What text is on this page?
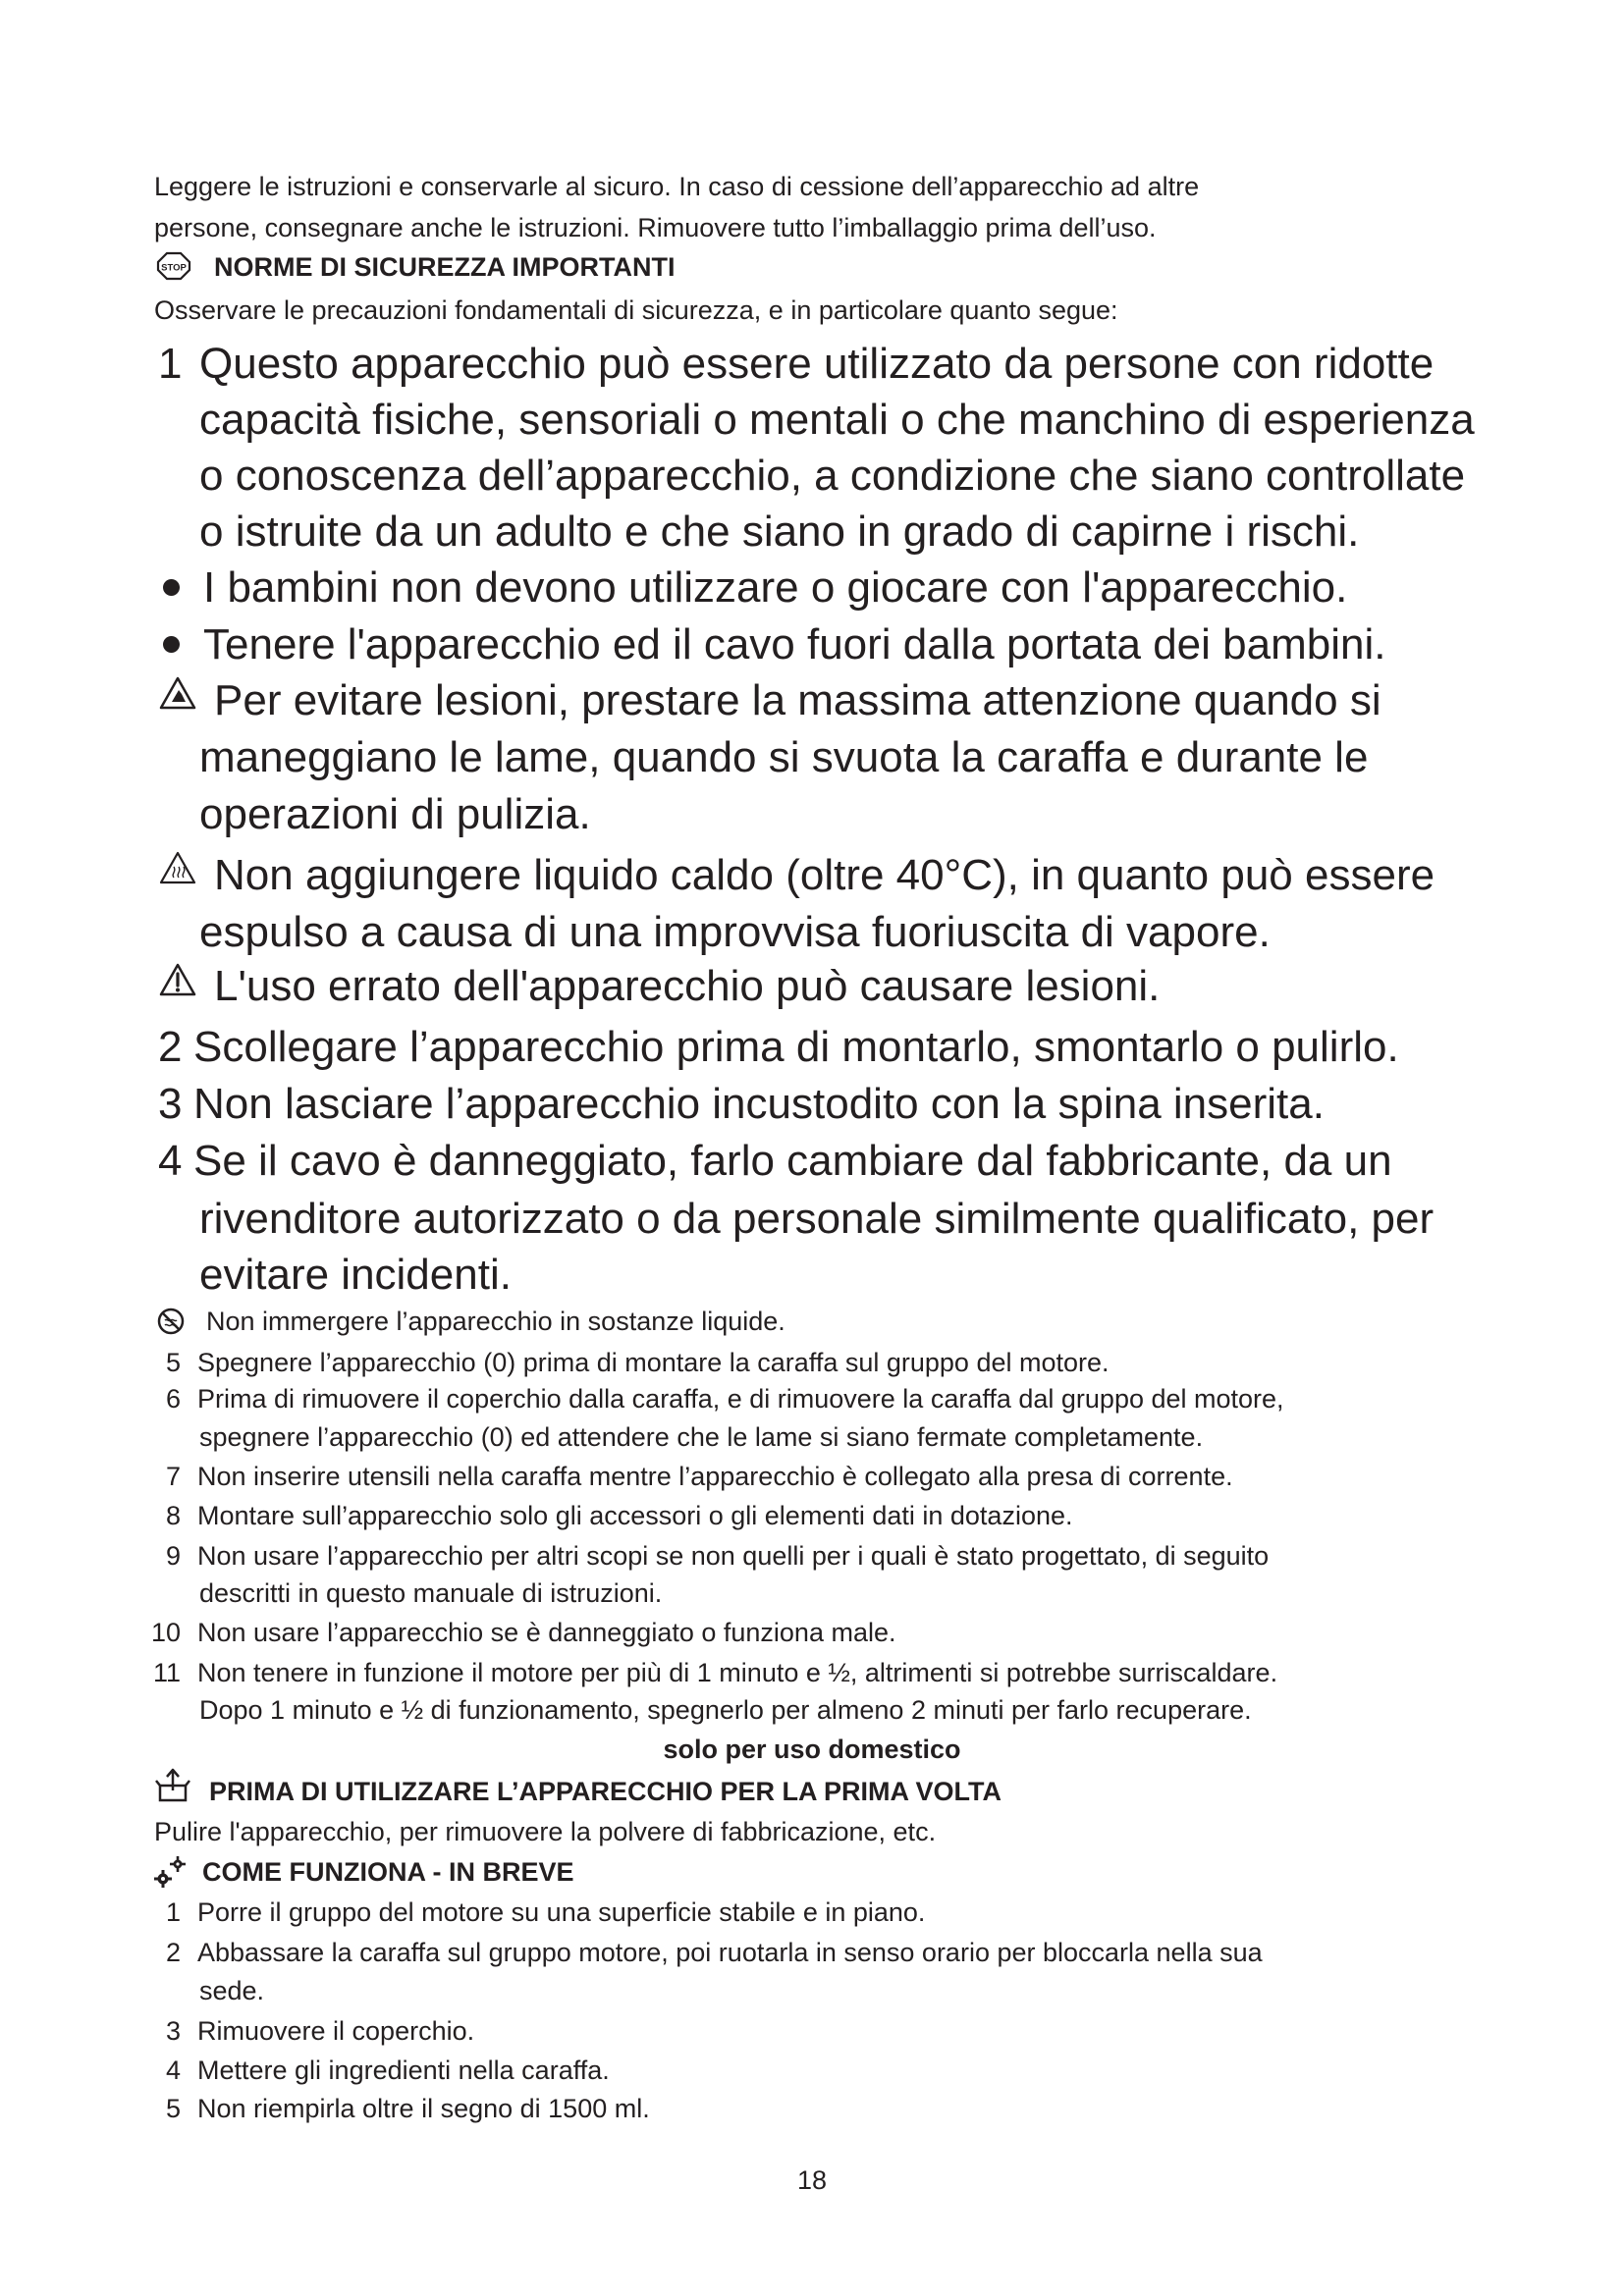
Leggere le istruzioni e conservarle al sicuro. In caso di cessione dell’apparecchio ad altre
persone, consegnare anche le istruzioni. Rimuovere tutto l’imballaggio prima dell’uso.
STOP NORME DI SICUREZZA IMPORTANTI
Osservare le precauzioni fondamentali di sicurezza, e in particolare quanto segue:
1 Questo apparecchio può essere utilizzato da persone con ridotte
capacità fisiche, sensoriali o mentali o che manchino di esperienza
o conoscenza dell’apparecchio, a condizione che siano controllate
o istruite da un adulto e che siano in grado di capirne i rischi.
I bambini non devono utilizzare o giocare con l'apparecchio.
Tenere l'apparecchio ed il cavo fuori dalla portata dei bambini.
Per evitare lesioni, prestare la massima attenzione quando si
maneggiano le lame, quando si svuota la caraffa e durante le
operazioni di pulizia.
Non aggiungere liquido caldo (oltre 40°C), in quanto può essere
espulso a causa di una improvvisa fuoriuscita di vapore.
L'uso errato dell'apparecchio può causare lesioni.
2 Scollegare l’apparecchio prima di montarlo, smontarlo o pulirlo.
3 Non lasciare l’apparecchio incustodito con la spina inserita.
4 Se il cavo è danneggiato, farlo cambiare dal fabbricante, da un
rivenditore autorizzato o da personale similmente qualificato, per
evitare incidenti.
Non immergere l’apparecchio in sostanze liquide.
5 Spegnere l’apparecchio (0) prima di montare la caraffa sul gruppo del motore.
6 Prima di rimuovere il coperchio dalla caraffa, e di rimuovere la caraffa dal gruppo del motore,
spegnere l’apparecchio (0) ed attendere che le lame si siano fermate completamente.
7 Non inserire utensili nella caraffa mentre l’apparecchio è collegato alla presa di corrente.
8 Montare sull’apparecchio solo gli accessori o gli elementi dati in dotazione.
9 Non usare l’apparecchio per altri scopi se non quelli per i quali è stato progettato, di seguito
descritti in questo manuale di istruzioni.
10 Non usare l’apparecchio se è danneggiato o funziona male.
11 Non tenere in funzione il motore per più di 1 minuto e ½, altrimenti si potrebbe surriscaldare.
Dopo 1 minuto e ½ di funzionamento, spegnerlo per almeno 2 minuti per farlo recuperare.
solo per uso domestico
PRIMA DI UTILIZZARE L’APPARECCHIO PER LA PRIMA VOLTA
Pulire l'apparecchio, per rimuovere la polvere di fabbricazione, etc.
COME FUNZIONA - IN BREVE
1 Porre il gruppo del motore su una superficie stabile e in piano.
2 Abbassare la caraffa sul gruppo motore, poi ruotarla in senso orario per bloccarla nella sua
sede.
3 Rimuovere il coperchio.
4 Mettere gli ingredienti nella caraffa.
5 Non riempirla oltre il segno di 1500 ml.
18
